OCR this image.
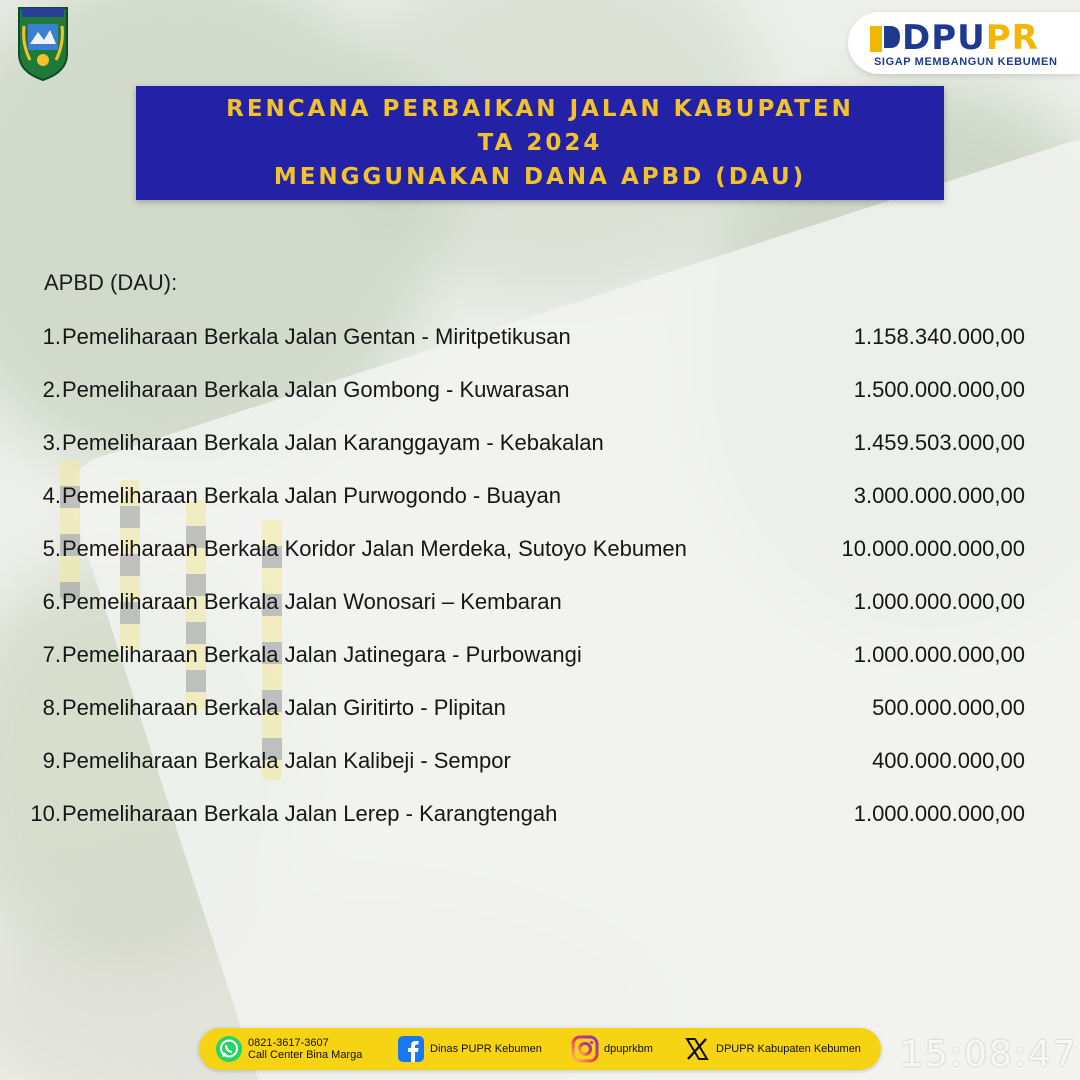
DPUPR
SIGAP MEMBANGUN KEBUMEN
RENCANA PERBAIKAN JALAN KABUPATEN
TA 2024
MENGGUNAKAN DANA APBD (DAU)
APBD (DAU):
1. Pemeliharaan Berkala Jalan Gentan - Miritpetikusan	1.158.340.000,00
2. Pemeliharaan Berkala Jalan Gombong - Kuwarasan	1.500.000.000,00
3. Pemeliharaan Berkala Jalan Karanggayam - Kebakalan	1.459.503.000,00
4. Pemeliharaan Berkala Jalan Purwogondo - Buayan	3.000.000.000,00
5. Pemeliharaan Berkala Koridor Jalan Merdeka, Sutoyo Kebumen	10.000.000.000,00
6. Pemeliharaan Berkala Jalan Wonosari – Kembaran	1.000.000.000,00
7. Pemeliharaan Berkala Jalan Jatinegara - Purbowangi	1.000.000.000,00
8. Pemeliharaan Berkala Jalan Giritirto - Plipitan	500.000.000,00
9. Pemeliharaan Berkala Jalan Kalibeji - Sempor	400.000.000,00
10. Pemeliharaan Berkala Jalan Lerep - Karangtengah	1.000.000.000,00
0821-3617-3607
Call Center Bina Marga	Dinas PUPR Kebumen	dpuprkbm	DPUPR Kabupaten Kebumen 15:08:47
